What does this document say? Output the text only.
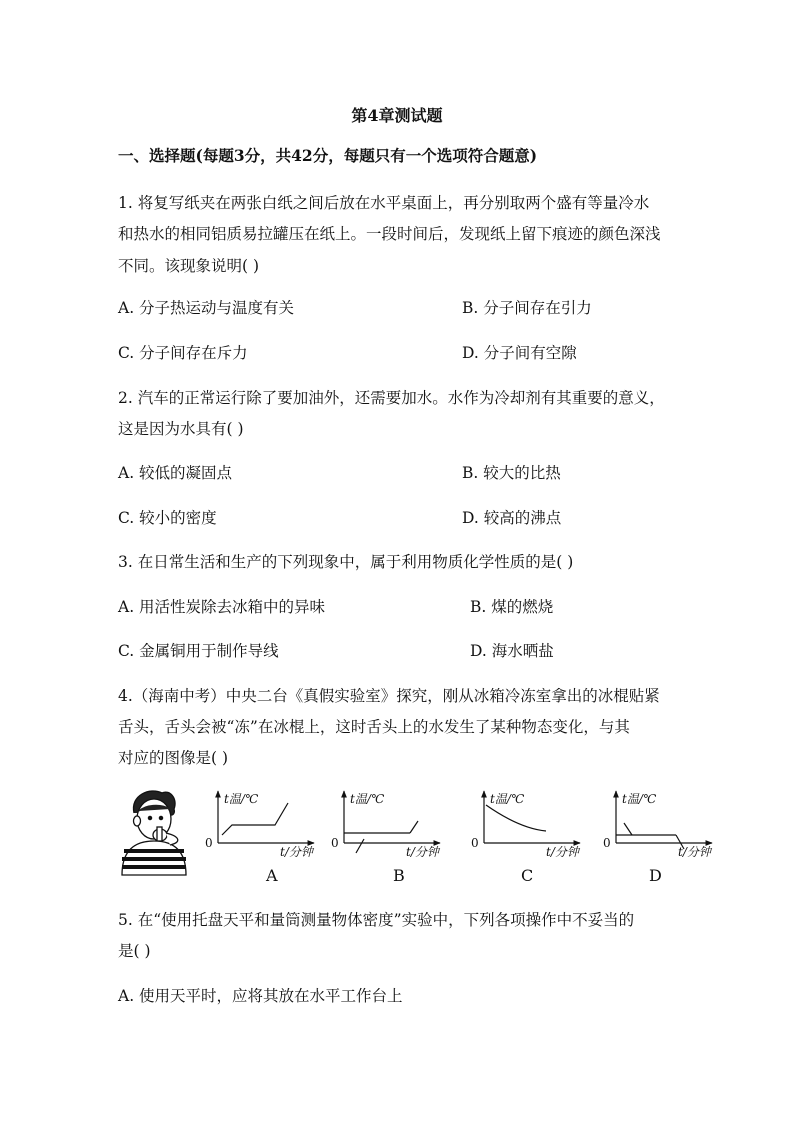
第4章测试题
一、选择题(每题3分，共42分，每题只有一个选项符合题意)
1. 将复写纸夹在两张白纸之间后放在水平桌面上，再分别取两个盛有等量冷水
和热水的相同铝质易拉罐压在纸上。一段时间后，发现纸上留下痕迹的颜色深浅
不同。该现象说明( )
A. 分子热运动与温度有关	B. 分子间存在引力
C. 分子间存在斥力	D. 分子间有空隙
2. 汽车的正常运行除了要加油外，还需要加水。水作为冷却剂有其重要的意义，
这是因为水具有( )
A. 较低的凝固点	B. 较大的比热
C. 较小的密度	D. 较高的沸点
3. 在日常生活和生产的下列现象中，属于利用物质化学性质的是( )
A. 用活性炭除去冰箱中的异味	B. 煤的燃烧
C. 金属铜用于制作导线	D. 海水晒盐
4.（海南中考）中央二台《真假实验室》探究，刚从冰箱冷冻室拿出的冰棍贴紧
舌头，舌头会被“冻”在冰棍上，这时舌头上的水发生了某种物态变化，与其
对应的图像是( )
t温/℃
0
t/分钟
t温/℃
0
t/分钟
t温/℃
0
t/分钟
t温/℃
0
t/分钟
A	B	C	D
5. 在“使用托盘天平和量筒测量物体密度”实验中，下列各项操作中不妥当的
是( )
A. 使用天平时，应将其放在水平工作台上
